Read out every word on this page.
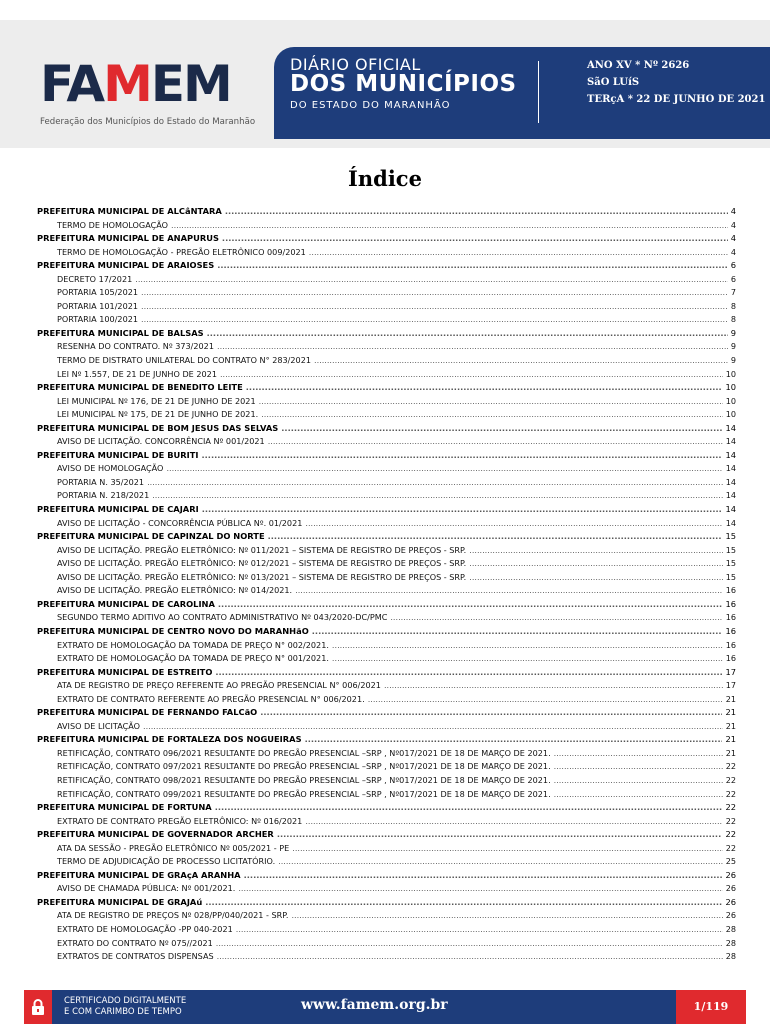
FAMEM
Federação dos Municípios do Estado do Maranhão
DIÁRIO OFICIAL
DOS MUNICÍPIOS
DO ESTADO DO MARANHÃO
ANO XV * Nº 2626
SãO LUíS
TERçA * 22 DE JUNHO DE 2021
Índice
PREFEITURA MUNICIPAL DE ALCâNTARA .....	4
TERMO DE HOMOLOGAÇÃO .....	4
PREFEITURA MUNICIPAL DE ANAPURUS .....	4
TERMO DE HOMOLOGAÇÃO - PREGÃO ELETRÔNICO 009/2021 .....	4
PREFEITURA MUNICIPAL DE ARAIOSES .....	6
DECRETO 17/2021 .....	6
PORTARIA 105/2021 .....	7
PORTARIA 101/2021 .....	8
PORTARIA 100/2021 .....	8
PREFEITURA MUNICIPAL DE BALSAS .....	9
RESENHA DO CONTRATO. Nº 373/2021 .....	9
TERMO DE DISTRATO UNILATERAL DO CONTRATO N° 283/2021 .....	9
LEI Nº 1.557, DE 21 DE JUNHO DE 2021 .....	10
PREFEITURA MUNICIPAL DE BENEDITO LEITE .....	10
LEI MUNICIPAL Nº 176, DE 21 DE JUNHO DE 2021 .....	10
LEI MUNICIPAL Nº 175, DE 21 DE JUNHO DE 2021. .....	10
PREFEITURA MUNICIPAL DE BOM JESUS DAS SELVAS .....	14
AVISO DE LICITAÇÃO. CONCORRÊNCIA Nº 001/2021 .....	14
PREFEITURA MUNICIPAL DE BURITI .....	14
AVISO DE HOMOLOGAÇÃO .....	14
PORTARIA N. 35/2021 .....	14
PORTARIA N. 218/2021 .....	14
PREFEITURA MUNICIPAL DE CAJARI .....	14
AVISO DE LICITAÇÃO - CONCORRÊNCIA PÚBLICA Nº. 01/2021 .....	14
PREFEITURA MUNICIPAL DE CAPINZAL DO NORTE .....	15
AVISO DE LICITAÇÃO. PREGÃO ELETRÔNICO: Nº 011/2021 – SISTEMA DE REGISTRO DE PREÇOS - SRP. .....	15
AVISO DE LICITAÇÃO. PREGÃO ELETRÔNICO: Nº 012/2021 – SISTEMA DE REGISTRO DE PREÇOS - SRP. .....	15
AVISO DE LICITAÇÃO. PREGÃO ELETRÔNICO: Nº 013/2021 – SISTEMA DE REGISTRO DE PREÇOS - SRP. .....	15
AVISO DE LICITAÇÃO. PREGÃO ELETRÔNICO: Nº 014/2021. .....	16
PREFEITURA MUNICIPAL DE CAROLINA .....	16
SEGUNDO TERMO ADITIVO AO CONTRATO ADMINISTRATIVO Nº 043/2020-DC/PMC .....	16
PREFEITURA MUNICIPAL DE CENTRO NOVO DO MARANHãO .....	16
EXTRATO DE HOMOLOGAÇÃO DA TOMADA DE PREÇO N° 002/2021. .....	16
EXTRATO DE HOMOLOGAÇÃO DA TOMADA DE PREÇO N° 001/2021. .....	16
PREFEITURA MUNICIPAL DE ESTREITO .....	17
ATA DE REGISTRO DE PREÇO REFERENTE AO PREGÃO PRESENCIAL N° 006/2021 .....	17
EXTRATO DE CONTRATO REFERENTE AO PREGÃO PRESENCIAL N° 006/2021. .....	21
PREFEITURA MUNICIPAL DE FERNANDO FALCãO .....	21
AVISO DE LICITAÇÃO .....	21
PREFEITURA MUNICIPAL DE FORTALEZA DOS NOGUEIRAS .....	21
RETIFICAÇÃO, CONTRATO 096/2021 RESULTANTE DO PREGÃO PRESENCIAL –SRP , Nº017/2021 DE 18 DE MARÇO DE 2021. .....	21
RETIFICAÇÃO, CONTRATO 097/2021 RESULTANTE DO PREGÃO PRESENCIAL –SRP , Nº017/2021 DE 18 DE MARÇO DE 2021. .....	22
RETIFICAÇÃO, CONTRATO 098/2021 RESULTANTE DO PREGÃO PRESENCIAL –SRP , Nº017/2021 DE 18 DE MARÇO DE 2021. .....	22
RETIFICAÇÃO, CONTRATO 099/2021 RESULTANTE DO PREGÃO PRESENCIAL –SRP , Nº017/2021 DE 18 DE MARÇO DE 2021. .....	22
PREFEITURA MUNICIPAL DE FORTUNA .....	22
EXTRATO DE CONTRATO PREGÃO ELETRÔNICO: Nº 016/2021 .....	22
PREFEITURA MUNICIPAL DE GOVERNADOR ARCHER .....	22
ATA DA SESSÃO - PREGÃO ELETRÔNICO Nº 005/2021 - PE .....	22
TERMO DE ADJUDICAÇÃO DE PROCESSO LICITATÓRIO. .....	25
PREFEITURA MUNICIPAL DE GRAçA ARANHA .....	26
AVISO DE CHAMADA PÚBLICA: Nº 001/2021. .....	26
PREFEITURA MUNICIPAL DE GRAJAú .....	26
ATA DE REGISTRO DE PREÇOS Nº 028/PP/040/2021 - SRP. .....	26
EXTRATO DE HOMOLOGAÇÃO -PP 040-2021 .....	28
EXTRATO DO CONTRATO Nº 075//2021 .....	28
EXTRATOS DE CONTRATOS DISPENSAS .....	28
CERTIFICADO DIGITALMENTE
E COM CARIMBO DE TEMPO	www.famem.org.br	1/119
